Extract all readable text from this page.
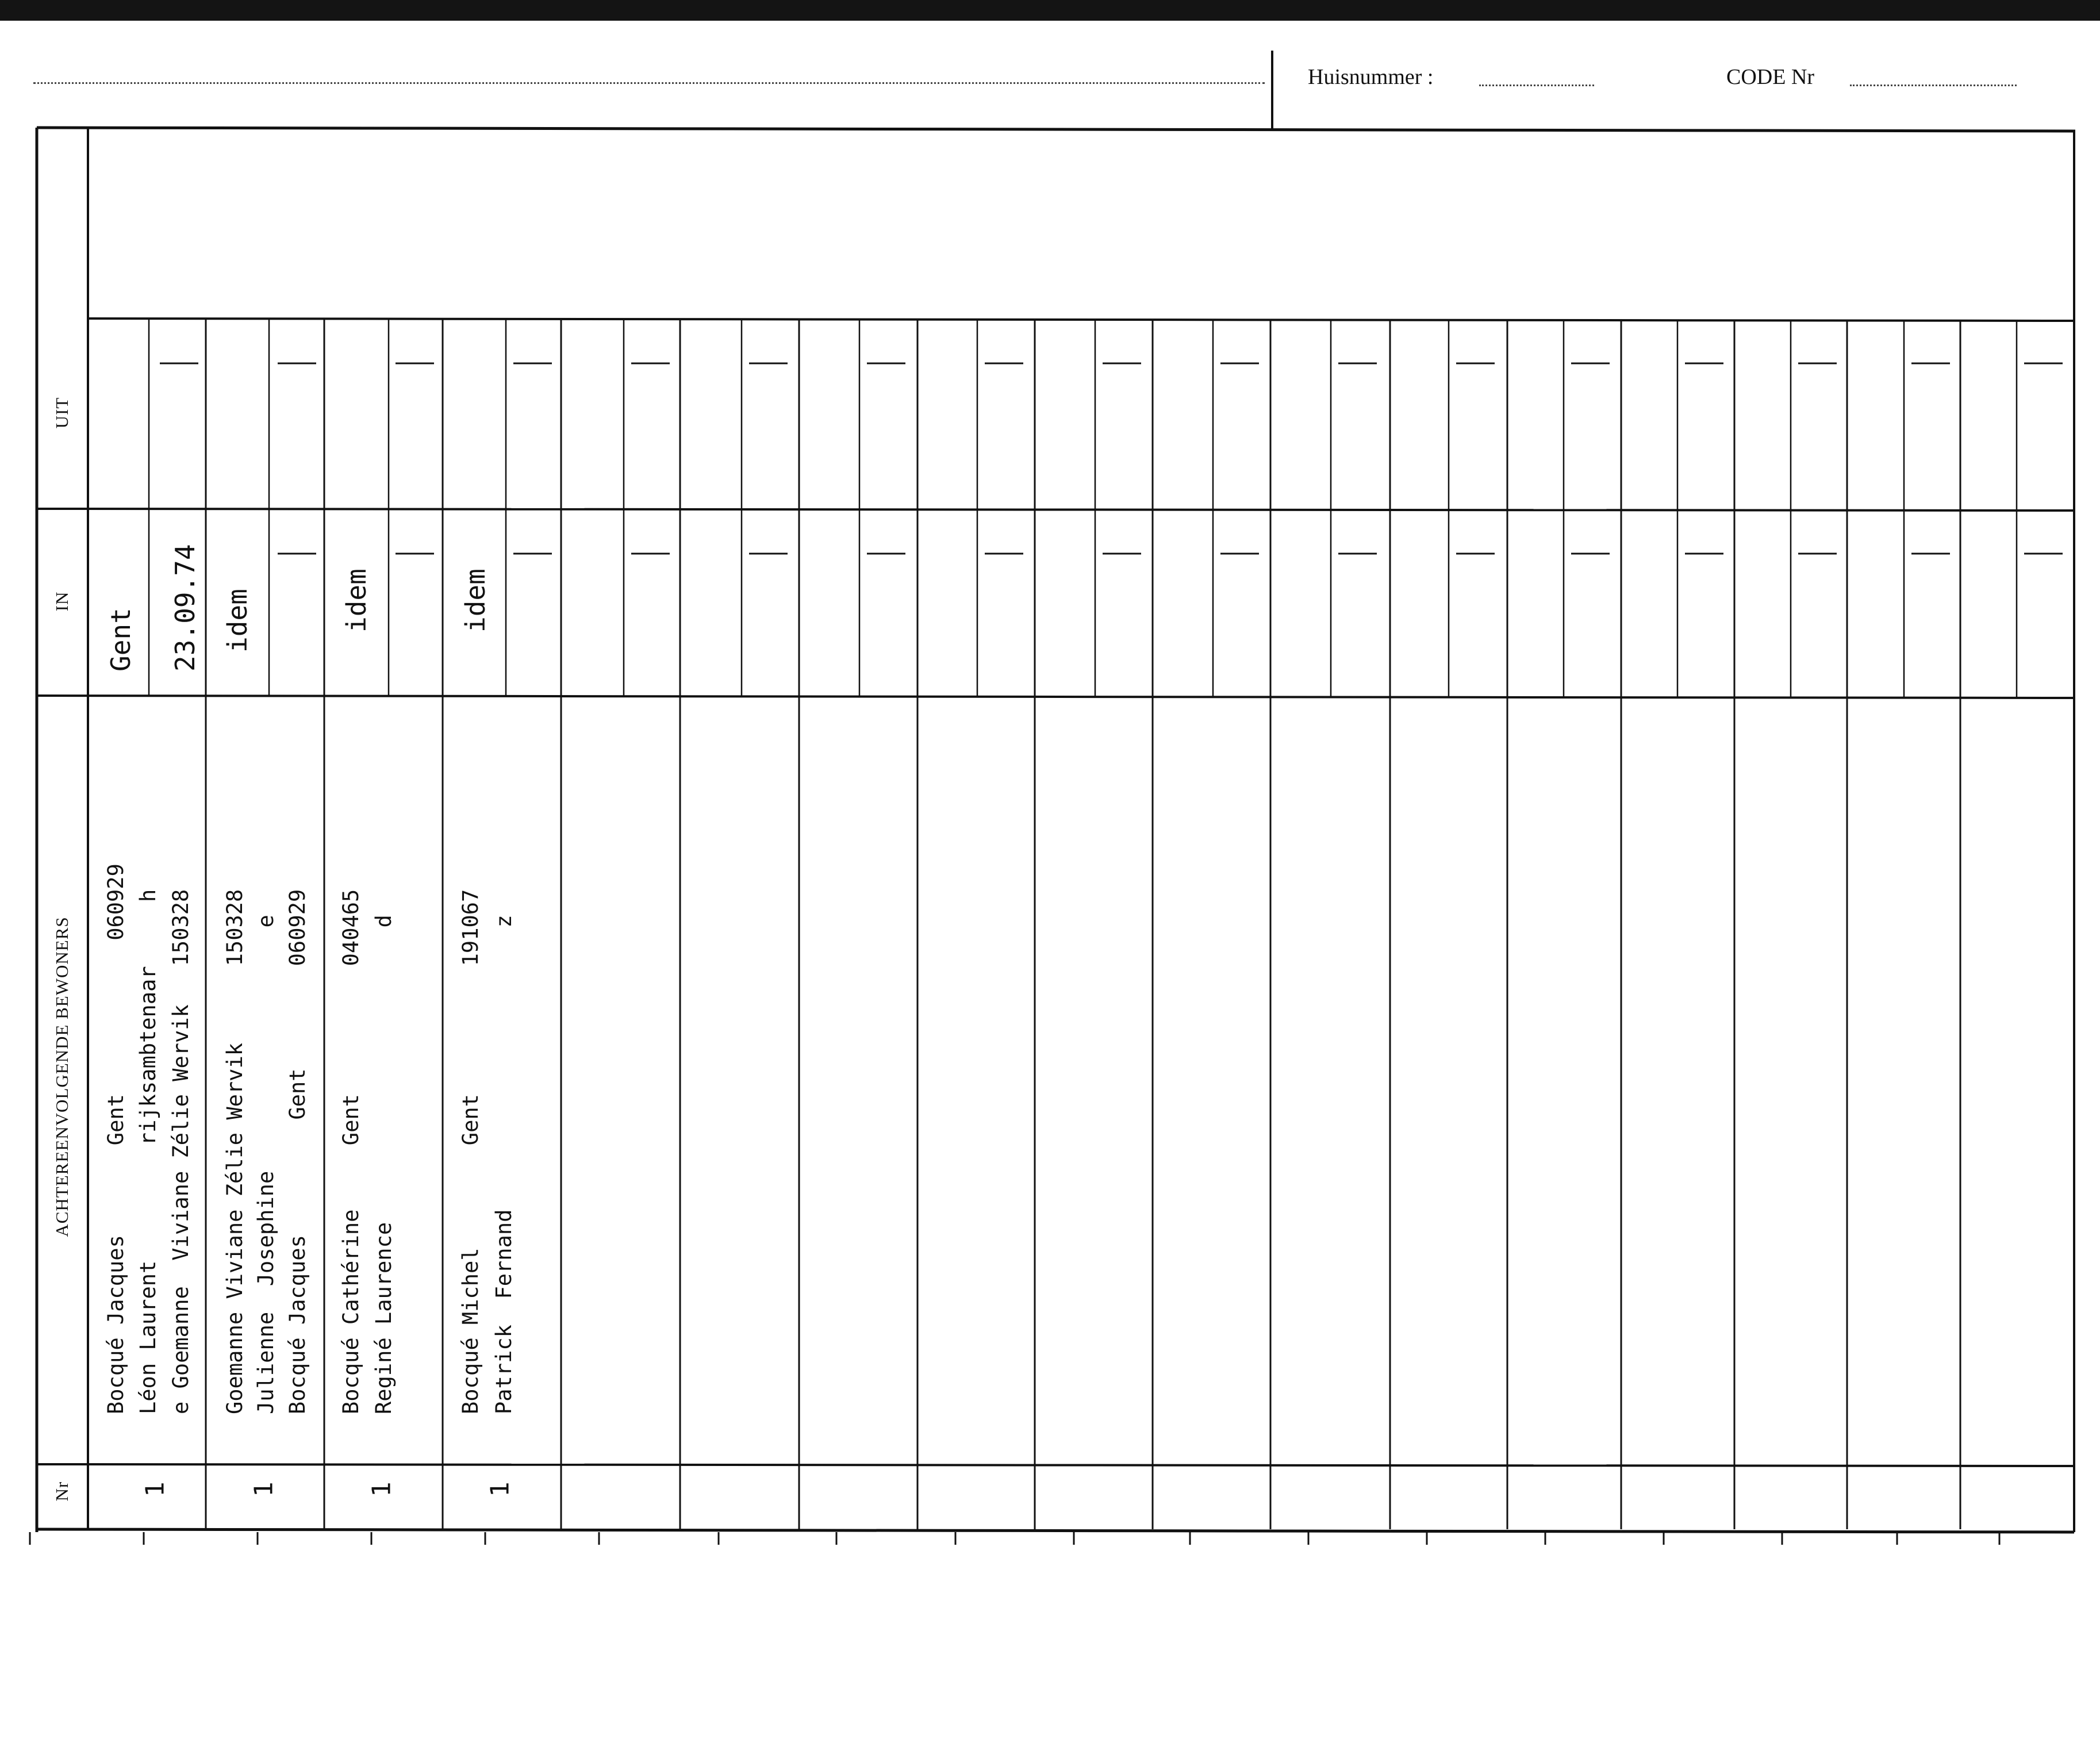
Huisnummer :	CODE Nr
UIT
IN
ACHTEREENVOLGENDE BEWONERS
Nr
Gent 23.09.74
Bocqué Jacques       Gent            060929 Léon Laurent         rijksambtenaar     h e Goemanne  Viviane Zélie Wervik   150328
1
idem
Goemanne Viviane Zélie Wervik      150328 Julienne  Josephine                   e Bocqué Jacques         Gent        060929
1
idem
Bocqué Cathérine     Gent          040465 Reginé Laurence                       d
1
idem
Bocqué Michel        Gent          191067 Patrick  Fernand                      z
1
